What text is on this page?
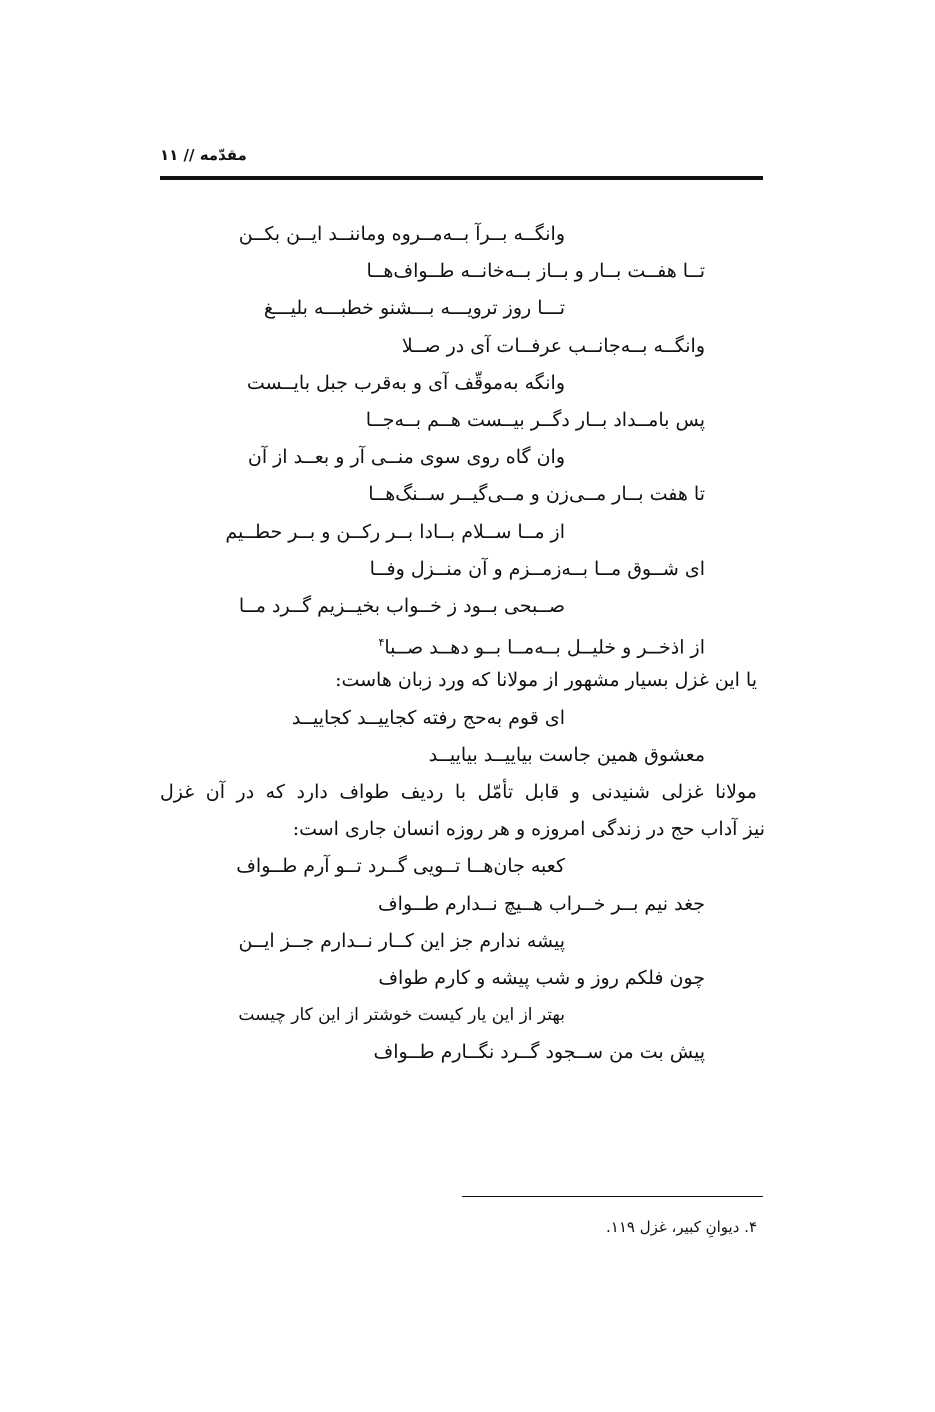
مقدّمه // ۱۱
وانگــه بــرآ بــه‌مــروه وماننــد ایــن بکــن
تــا هفــت بــار و بــاز بــه‌خانــه طــواف‌هــا
تـــا روز ترویـــه بـــشنو خطبـــه بلیـــغ
وانگــه بــه‌جانــب عرفــات آی در صــلا
وانگه به‌موقّف آی و به‌قرب جبل بایــست
پس بامــداد بــار دگــر بیــست هــم بــه‌جــا
وان گاه روی سوی منــی آر و بعــد از آن
تا هفت بــار مــی‌زن و مــی‌گیــر ســنگ‌هــا
از مــا ســلام بــادا بــر رکــن و بــر حطــیم
ای شــوق مــا بــه‌زمــزم و آن منــزل وفــا
صــبحی بــود ز خــواب بخیــزیم گــرد مــا
از اذخــر و خلیــل بــه‌مــا بــو دهــد صــبا$^۴$
یا این غزل بسیار مشهور از مولانا که ورد زبان هاست:
ای قوم به‌حج رفته کجاییــد کجاییــد
معشوق همین جاست بیاییــد بیاییــد
مولانا غزلی شنیدنی و قابل تأمّل با ردیف طواف دارد که در آن غزل
نیز آداب حج در زندگی امروزه و هر روزه انسان جاری است:
کعبه جان‌هــا تــویی گــرد تــو آرم طــواف
جغد نیم بــر خــراب هــیچ نــدارم طــواف
پیشه ندارم جز این کــار نــدارم جــز ایــن
چون فلکم روز و شب پیشه و کارم طواف
بهتر از این یار کیست خوشتر از این کار چیست
پیش بت من ســجود گــرد نگــارم طــواف
۴. دیوانِ کبیر، غزل ۱۱۹.
